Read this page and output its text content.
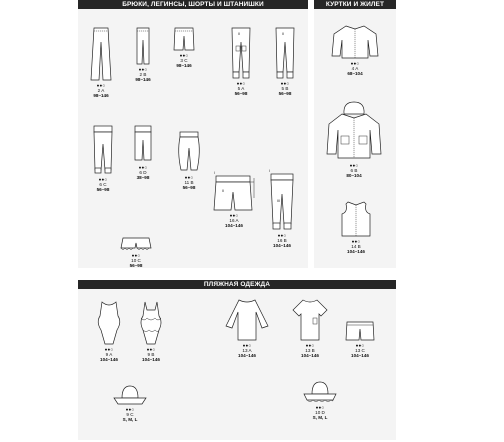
БРЮКИ, ЛЕГИНСЫ, ШОРТЫ И ШТАНИШКИ
●●○
2 A
98–146
●●○
2 B
98–146
●●○
3 C
98–146
II
●●○
5 A
56–98
II
●●○
5 B
56–98
●●○
6 C
56–98
●●○
6 D
38–98	●●○
11 B
56–98
II
I
●●○
16 A
104–146
III
I
●●○
16 B
104–146
●●○
10 C
56–98
КУРТКИ И ЖИЛЕТ
●●○
4 A
68–104
●●○
6 B
80–104
●●○
14 B
104–146
ПЛЯЖНАЯ ОДЕЖДА
●●○
9 A
104–146
●●○
9 B
104–146
●●○
13 A
104–146
●●○
13 B
104–146
●●○
13 C
104–146
●●○
9 C
S, M, L
●●○
10 D
S, M, L
